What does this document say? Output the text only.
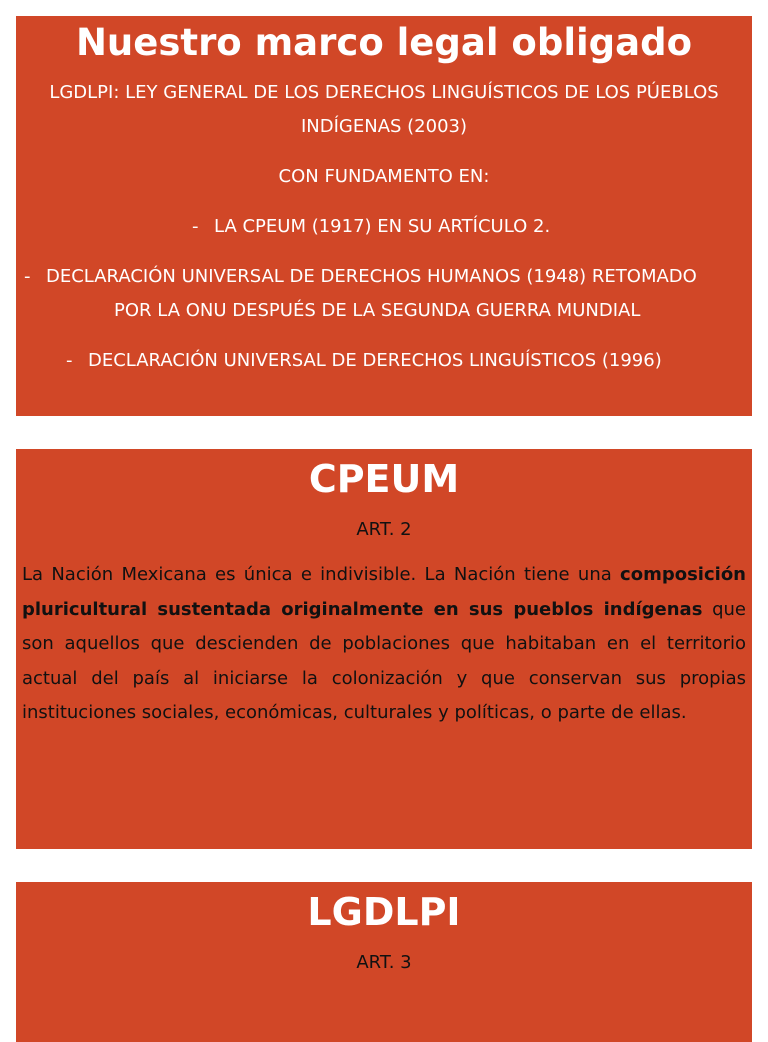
Nuestro marco legal obligado

LGDLPI: LEY GENERAL DE LOS DERECHOS LINGUÍSTICOS DE LOS PÚEBLOS

INDÍGENAS (2003)

CON FUNDAMENTO EN:

- LA CPEUM (1917) EN SU ARTÍCULO 2.

- DECLARACIÓN UNIVERSAL DE DERECHOS HUMANOS (1948) RETOMADO

POR LA ONU DESPUÉS DE LA SEGUNDA GUERRA MUNDIAL

- DECLARACIÓN UNIVERSAL DE DERECHOS LINGUÍSTICOS (1996)

CPEUM

ART. 2

La Nación Mexicana es única e indivisible. La Nación tiene una composición pluricultural sustentada originalmente en sus pueblos indígenas que son aquellos que descienden de poblaciones que habitaban en el territorio actual del país al iniciarse la colonización y que conservan sus propias instituciones sociales, económicas, culturales y políticas, o parte de ellas.

LGDLPI

ART. 3
